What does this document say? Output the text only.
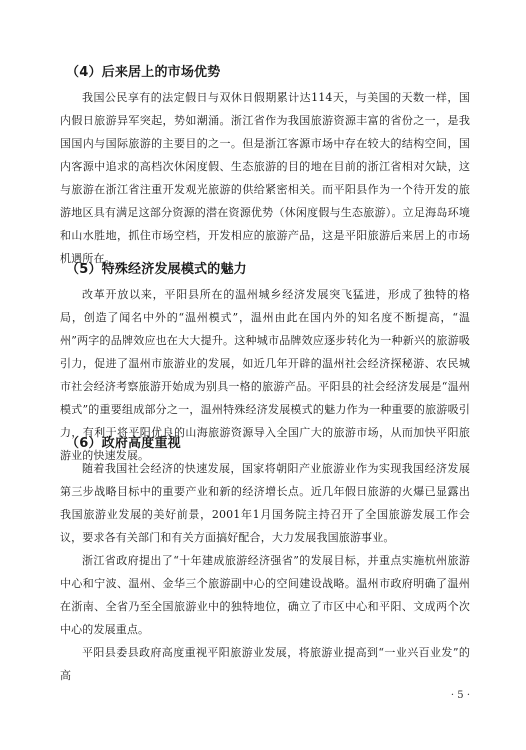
（4）后来居上的市场优势

我国公民享有的法定假日与双休日假期累计达114天，与美国的天数一样，国内假日旅游异军突起，势如潮涌。浙江省作为我国旅游资源丰富的省份之一，是我国国内与国际旅游的主要目的之一。但是浙江客源市场中存在较大的结构空间，国内客源中追求的高档次休闲度假、生态旅游的目的地在目前的浙江省相对欠缺，这与旅游在浙江省注重开发观光旅游的供给紧密相关。而平阳县作为一个待开发的旅游地区具有满足这部分资源的潜在资源优势（休闲度假与生态旅游）。立足海岛环境和山水胜地，抓住市场空档，开发相应的旅游产品，这是平阳旅游后来居上的市场机遇所在。

（5）特殊经济发展模式的魅力

改革开放以来，平阳县所在的温州城乡经济发展突飞猛进，形成了独特的格局，创造了闻名中外的“温州模式”，温州由此在国内外的知名度不断提高，“温州”两字的品牌效应也在大大提升。这种城市品牌效应逐步转化为一种新兴的旅游吸引力，促进了温州市旅游业的发展，如近几年开辟的温州社会经济探秘游、农民城市社会经济考察旅游开始成为别具一格的旅游产品。平阳县的社会经济发展是“温州模式”的重要组成部分之一，温州特殊经济发展模式的魅力作为一种重要的旅游吸引力，有利于将平阳优良的山海旅游资源导入全国广大的旅游市场，从而加快平阳旅游业的快速发展。

（6）政府高度重视

随着我国社会经济的快速发展，国家将朝阳产业旅游业作为实现我国经济发展第三步战略目标中的重要产业和新的经济增长点。近几年假日旅游的火爆已显露出我国旅游业发展的美好前景，2001年1月国务院主持召开了全国旅游发展工作会议，要求各有关部门和有关方面搞好配合，大力发展我国旅游事业。

浙江省政府提出了“十年建成旅游经济强省”的发展目标，并重点实施杭州旅游中心和宁波、温州、金华三个旅游副中心的空间建设战略。温州市政府明确了温州在浙南、全省乃至全国旅游业中的独特地位，确立了市区中心和平阳、文成两个次中心的发展重点。

平阳县委县政府高度重视平阳旅游业发展，将旅游业提高到“一业兴百业发”的高

· 5 ·
